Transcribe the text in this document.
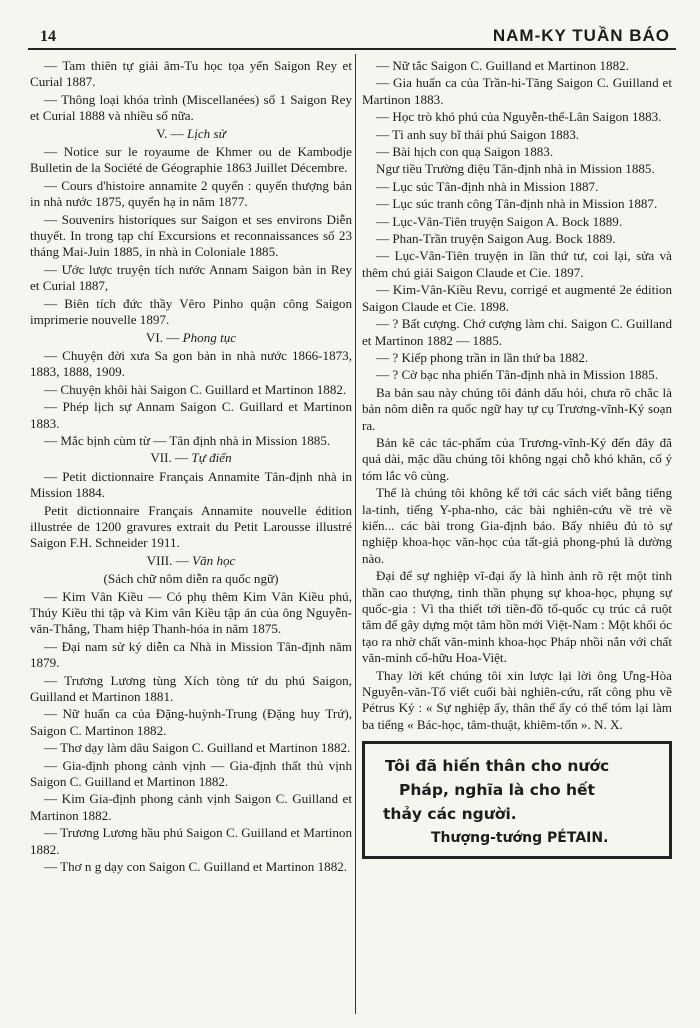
14	NAM-KY TUẦN BÁO

— Tam thiên tự giải âm-Tu học tọa yến Saigon Rey et Curial 1887.

— Thông loại khóa trình (Miscellanées) số 1 Saigon Rey et Curial 1888 và nhiều số nữa.

V. — Lịch sử

— Notice sur le royaume de Khmer ou de Kambodje Bulletin de la Société de Géographie 1863 Juillet Décembre.

— Cours d'histoire annamite 2 quyển : quyển thượng bản in nhà nước 1875, quyển hạ in năm 1877.

— Souvenirs historiques sur Saigon et ses environs Diễn thuyết. In trong tạp chí Excursions et reconnaissances số 23 tháng Mai-Juin 1885, in nhà in Coloniale 1885.

— Ước lược truyện tích nước Annam Saigon bản in Rey et Curial 1887,

— Biên tích đức thầy Vêro Pinho quận công Saigon imprimerie nouvelle 1897.

VI. — Phong tục

— Chuyện đời xưa Sa gon bản in nhà nước 1866-1873, 1883, 1888, 1909.

— Chuyện khôi hài Saigon C. Guillard et Martinon 1882.

— Phép lịch sự Annam Saigon C. Guillard et Martinon 1883.

— Mắc bịnh cùm từ — Tân định nhà in Mission 1885.

VII. — Tự điển

— Petit dictionnaire Français Annamite Tân-định nhà in Mission 1884.

Petit dictionnaire Français Annamite nouvelle édition illustrée de 1200 gravures extrait du Petit Larousse illustré Saigon F.H. Schneider 1911.

VIII. — Văn học
(Sách chữ nôm diễn ra quốc ngữ)

— Kim Vân Kiều — Có phụ thêm Kim Vân Kiều phú, Thúy Kiều thi tập và Kim vân Kiều tập án của ông Nguyễn-văn-Thắng, Tham hiệp Thanh-hóa in năm 1875.

— Đại nam sử ký diễn ca Nhà in Mission Tân-định năm 1879.

— Trương Lương tùng Xích tòng tử du phú Saigon, Guilland et Martinon 1881.

— Nữ huấn ca của Đặng-huỳnh-Trung (Đặng huy Trứ), Saigon C. Martinon 1882.

— Thơ dạy làm dâu Saigon C. Guilland et Martinon 1882.

— Gia-định phong cảnh vịnh — Gia-định thất thủ vịnh Saigon C. Guilland et Martinon 1882.

— Kim Gia-định phong cảnh vịnh Saigon C. Guilland et Martinon 1882.

— Trương Lương hầu phú Saigon C. Guilland et Martinon 1882.

— Thơ n g dạy con Saigon C. Guilland et Martinon 1882.

— Nữ tắc Saigon C. Guilland et Martinon 1882.

— Gia huấn ca của Trần-hi-Tăng Saigon C. Guilland et Martinon 1883.

— Học trò khó phú của Nguyễn-thế-Lân Saigon 1883.

— Tì anh suy bĩ thái phú Saigon 1883.

— Bài hịch con quạ Saigon 1883.

Ngư tiều Trường điệu Tân-định nhà in Mission 1885.

— Lục súc Tân-định nhà in Mission 1887.

— Lục súc tranh công Tân-định nhà in Mission 1887.

— Lục-Vân-Tiên truyện Saigon A. Bock 1889.

— Phan-Trần truyện Saigon Aug. Bock 1889.

— Lục-Vân-Tiên truyện in lần thứ tư, coi lại, sửa và thêm chú giải Saigon Claude et Cie. 1897.

— Kim-Vân-Kiều Revu, corrigé et augmenté 2e édition Saigon Claude et Cie. 1898.

— ? Bất cượng. Chớ cượng làm chi. Saigon C. Guilland et Martinon 1882 — 1885.

— ? Kiếp phong trần in lần thứ ba 1882.

— ? Cờ bạc nha phiến Tân-định nhà in Mission 1885.

Ba bản sau này chúng tôi đánh dấu hỏi, chưa rõ chắc là bản nôm diễn ra quốc ngữ hay tự cụ Trương-vĩnh-Ký soạn ra.

Bản kê các tác-phẩm của Trương-vĩnh-Ký đến đây đã quá dài, mặc dầu chúng tôi không ngại chỗ khó khăn, cố ý tóm lắc vô cùng.

Thế là chúng tôi không kể tới các sách viết bằng tiếng la-tinh, tiếng Y-pha-nho, các bài nghiên-cứu về trẻ về kiến... các bài trong Gia-định báo. Bấy nhiêu đủ tỏ sự nghiệp khoa-học văn-học của tất-giả phong-phú là dường nào.

Đại để sự nghiệp vĩ-đại ấy là hình ảnh rõ rệt một tinh thần cao thượng, tinh thần phụng sự khoa-học, phụng sự quốc-gia : Vì tha thiết tới tiền-đồ tổ-quốc cụ trúc cả ruột tâm để gây dựng một tâm hồn mới Việt-Nam : Một khối óc tạo ra nhờ chất văn-minh khoa-học Pháp nhồi nắn với chất văn-minh cổ-hữu Hoa-Việt.

Thay lời kết chúng tôi xin lược lại lời ông Ưng-Hòa Nguyễn-văn-Tố viết cuối bài nghiên-cứu, rất công phu về Pétrus Ký : « Sự nghiệp ấy, thân thế ấy có thể tóm lại làm ba tiếng « Bác-học, tâm-thuật, khiêm-tốn ». N. X.

Tôi đã hiến thân cho nước
Pháp, nghĩa là cho hết
thảy các người.
Thượng-tướng PÉTAIN.
